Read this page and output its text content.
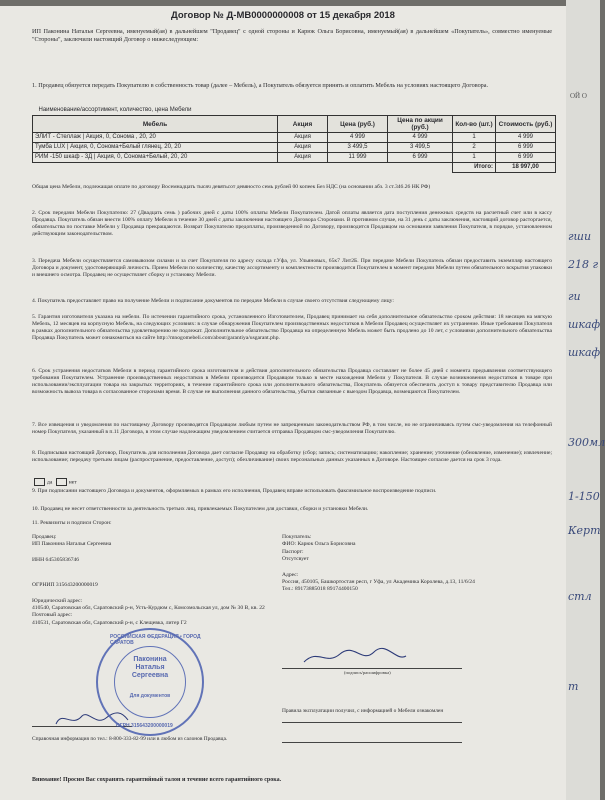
Договор № Д-МВ0000000008 от 15 декабря 2018

ИП Паконина Наталья Сергеевна, именуемый(ая) в дальнейшем "Продавец" с одной стороны и Карюк Ольга Борисовна, именуемый(ая) в дальнейшем «Покупатель», совместно именуемые "Стороны", заключили настоящий Договор о нижеследующем:

1. Продавец обязуется передать Покупателю в собственность товар (далее – Мебель), а Покупатель обязуется принять и оплатить Мебель на условиях настоящего Договора.

Наименование/ассортимент, количество, цена Мебели					
Мебель	Акция	Цена (руб.)	Цена по акции (руб.)	Кол-во (шт.)	Стоимость (руб.)
ЭЛИТ - Стеллаж | Акция, 0, Сонома , 20, 20	Акция	4 999	4 999	1	4 999
Тумба LUX | Акция, 0, Сонома+Белый глянец, 20, 20	Акция	3 499,5	3 499,5	2	6 999
РИМ -150 шкаф - 3Д | Акция, 0, Сонома+Белый, 20, 20	Акция	11 999	6 999	1	6 999
				Итого:	18 997,00

Общая цена Мебели, подлежащая оплате по договору Восемнадцать тысяч девятьсот девяносто семь рублей 00 копеек Без НДС (на основании абз. 3 ст.346.26 НК РФ)

2. Срок передачи Мебели Покупателю: 27 (Двадцать семь ) рабочих дней с даты 100% оплаты Мебели Покупателем. Датой оплаты является дата поступления денежных средств на расчетный счет или в кассу Продавца. Покупатель обязан внести 100% оплату Мебели в течение 30 дней с даты заключения настоящего Договора Сторонами. В противном случае, на 31 день с даты заключения, настоящий договор расторгается, обязательства по поставке Мебели у Продавца прекращаются. Возврат Покупателю предоплаты, произведенной по Договору, производится Продавцом на основании заявления Покупателя, в порядке, установленном действующим законодательством.

3. Передача Мебели осуществляется самовывозом силами и за счет Покупателя по адресу склада г.Уфа, ул. Ульяновых, 65к7 Лит2Б. При передаче Мебели Покупатель обязан предоставить экземпляр настоящего Договора и документ, удостоверяющий личность. Прием Мебели по количеству, качеству ассортименту и комплектности производится Покупателем в момент передачи Мебели путем обязательного вскрытия упаковки и внешнего осмотра. Продавец не осуществляет сборку и установку Мебели.

4. Покупатель предоставляет право на получение Мебели и подписание документов по передаче Мебели в случае своего отсутствия следующему лицу:

5. Гарантия изготовителя указана на мебели. По истечении гарантийного срока, установленного Изготовителем, Продавец принимает на себя дополнительное обязательство сроком действия: 18 месяцев на мягкую Мебель, 12 месяцев на корпусную Мебель, на следующих условиях: в случае обнаружения Покупателем производственных недостатков в Мебели Продавец осуществляет их устранение. Иные требования Покупателя в рамках дополнительного обязательства удовлетворению не подлежат. Дополнительное обязательство Продавца на определенную Мебель может быть продлено до 10 лет, с условиями дополнительного обязательства Продавца Покупатель может ознакомиться на сайте http://mnogomebeli.com/about/garantiya/usgarant.php.

6. Срок устранения недостатков Мебели в период гарантийного срока изготовителя и действия дополнительного обязательства Продавца составляет не более 45 дней с момента предъявления соответствующего требования Покупателем. Устранение производственных недостатков в Мебели производится Продавцом только в месте нахождения Мебели у Покупателя. В случае возникновения недостатков в товаре при использовании/эксплуатации товара на закрытых территориях, в течение гарантийного срока или дополнительного обязательства, Покупатель обязуется обеспечить доступ к товару представителю Продавца или возможность вывоза товара в согласованное сторонами время. В случае не выполнения данного обязательства, убытки связанные с выездом Продавца, возмещаются Покупателем.

7. Все извещения и уведомления по настоящему Договору производятся Продавцом любым путем не запрещенным законодательством РФ, в том числе, но не ограничиваясь путем смс-уведомления на телефонный номер Покупателя, указанный в п.11 Договора, в этом случае надлежащим уведомлением считается отправка Продавцом смс-уведомления Покупателю.

8. Подписывая настоящий Договор, Покупатель для исполнения Договора дает согласие Продавцу на обработку (сбор; запись; систематизацию; накопление; хранение; уточнение (обновление, изменение); извлечение; использование; передачу третьим лицам (распространение, предоставление, доступ); обезличивание) своих персональных данных указанных в Договоре. Настоящее согласие дается на срок 3 года.

да	нет

9. При подписании настоящего Договора и документов, оформляемых в рамках его исполнения, Продавец вправе использовать факсимильное воспроизведение подписи.

10. Продавец не несет ответственности за деятельность третьих лиц, привлекаемых Покупателем для доставки, сборки и установки Мебели.

11. Реквизиты и подписи Сторон:

Продавец:
ИП Паконина Наталья Сергеевна
ИНН 645305836746
ОГРНИП 315643200000019
Юридический адрес:
410540, Саратовская обл, Саратовский р-н, Усть-Курдюм с, Комсомольская ул, дом № 30 В, кв. 22
Почтовый адрес:
410531, Саратовская обл, Саратовский р-н, с Клещевка, литер Г2
Покупатель:
ФИО: Карюк Ольга Борисовна
Паспорт:
Отсутсвует
Адрес:
Россия, 450105, Башкортостан респ, г Уфа, ул Академика Королева, д.13, 11/6/24
Тел.: 89173885018 89174400150
(подпись/расшифровка)
Правила эксплуатации получил, с информацией о Мебели ознакомлен
РОССИЙСКАЯ ФЕДЕРАЦИЯ • ГОРОД САРАТОВ
ОГРН 315643200000019
Паконина Наталья Сергеевна
Для документов
Справочная информация по тел.: 8-800-333-82-99 или в любом из салонов Продавца.
Внимание! Просим Вас сохранять гарантийный талон и течение всего гарантийного срока.
ОЙ О
гши
218 г
ги
шкаф
шкаф
300мл
1-150
Керт
стл
т
